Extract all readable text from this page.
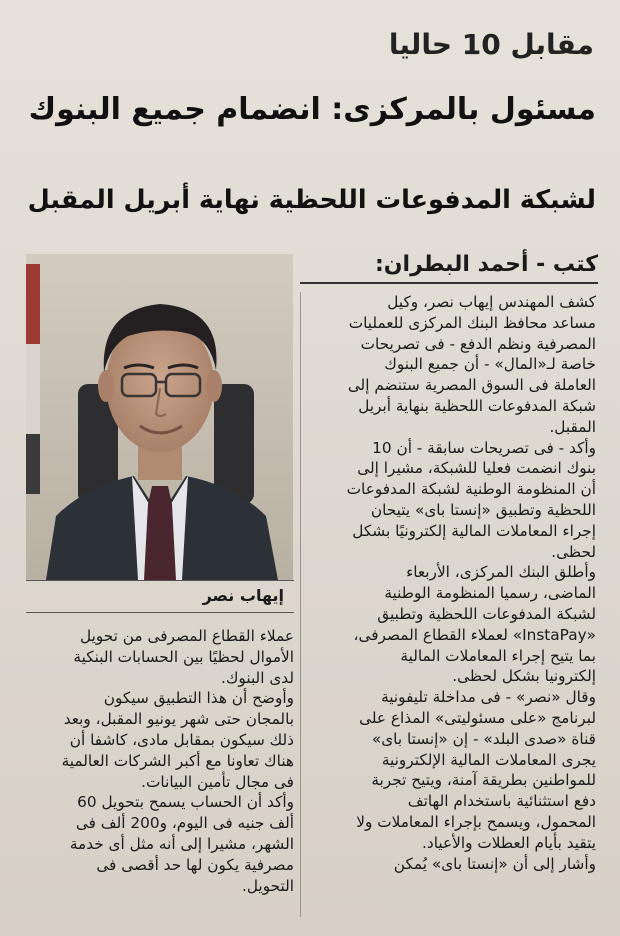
مقابل 10 حاليا
مسئول بالمركزى: انضمام جميع البنوك
لشبكة المدفوعات اللحظية نهاية أبريل المقبل
كتب - أحمد البطران:
إيهاب نصر

كشف المهندس إيهاب نصر، وكيل

مساعد محافظ البنك المركزى للعمليات

المصرفية ونظم الدفع - فى تصريحات

خاصة لـ«المال» - أن جميع البنوك

العاملة فى السوق المصرية ستنضم إلى

شبكة المدفوعات اللحظية بنهاية أبريل

المقبل.

وأكد - فى تصريحات سابقة - أن 10

بنوك انضمت فعليا للشبكة، مشيرا إلى

أن المنظومة الوطنية لشبكة المدفوعات

اللحظية وتطبيق «إنستا باى» يتيحان

إجراء المعاملات المالية إلكترونيًا بشكل

لحظى.

وأطلق البنك المركزى، الأربعاء

الماضى، رسميا المنظومة الوطنية

لشبكة المدفوعات اللحظية وتطبيق

«InstaPay» لعملاء القطاع المصرفى،

بما يتيح إجراء المعاملات المالية

إلكترونيا بشكل لحظى.

وقال «نصر» - فى مداخلة تليفونية

لبرنامج «على مسئوليتى» المذاع على

قناة «صدى البلد» - إن «إنستا باى»

يجرى المعاملات المالية الإلكترونية

للمواطنين بطريقة آمنة، ويتيح تجربة

دفع استثنائية باستخدام الهاتف

المحمول، ويسمح بإجراء المعاملات ولا

يتقيد بأيام العطلات والأعياد.

وأشار إلى أن «إنستا باى» يُمكن

عملاء القطاع المصرفى من تحويل

الأموال لحظيًا بين الحسابات البنكية

لدى البنوك.

وأوضح أن هذا التطبيق سيكون

بالمجان حتى شهر يونيو المقبل، وبعد

ذلك سيكون بمقابل مادى، كاشفا أن

هناك تعاونا مع أكبر الشركات العالمية

فى مجال تأمين البيانات.

وأكد أن الحساب يسمح بتحويل 60

ألف جنيه فى اليوم، و200 ألف فى

الشهر، مشيرا إلى أنه مثل أى خدمة

مصرفية يكون لها حد أقصى فى

التحويل.
